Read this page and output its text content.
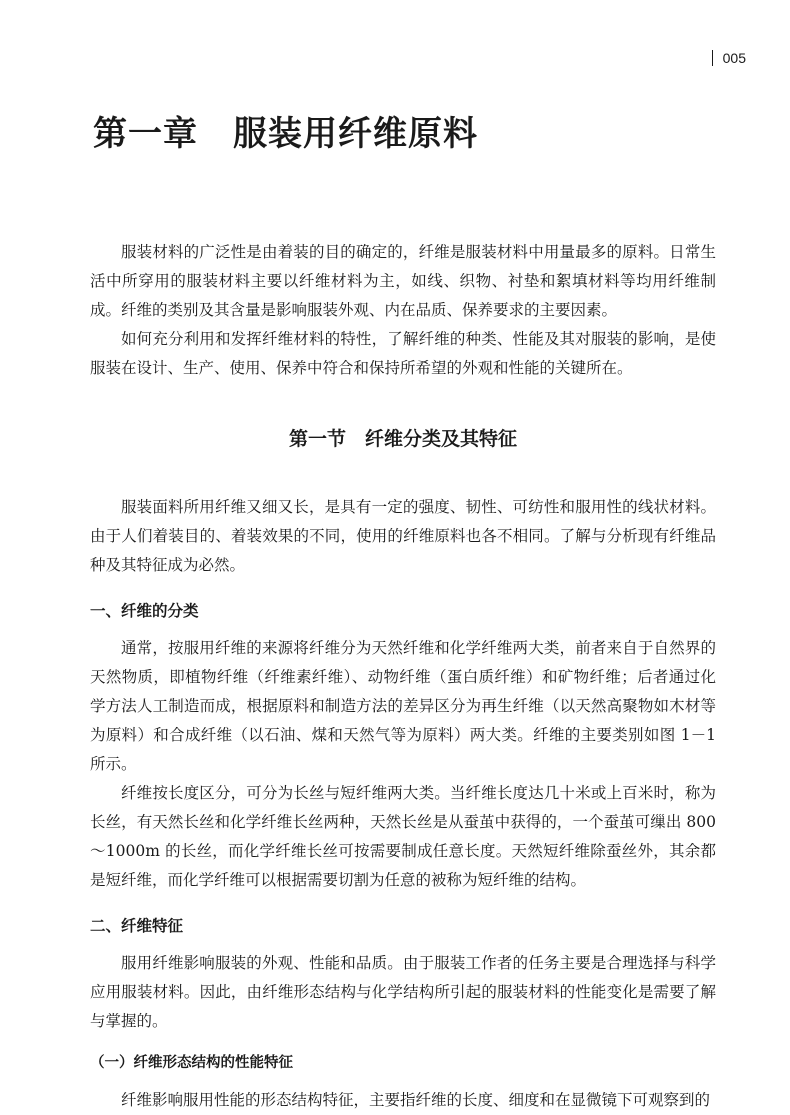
005
第一章　服装用纤维原料

服装材料的广泛性是由着装的目的确定的，纤维是服装材料中用量最多的原料。日常生活中所穿用的服装材料主要以纤维材料为主，如线、织物、衬垫和絮填材料等均用纤维制成。纤维的类别及其含量是影响服装外观、内在品质、保养要求的主要因素。

如何充分利用和发挥纤维材料的特性，了解纤维的种类、性能及其对服装的影响，是使服装在设计、生产、使用、保养中符合和保持所希望的外观和性能的关键所在。

第一节　纤维分类及其特征

服装面料所用纤维又细又长，是具有一定的强度、韧性、可纺性和服用性的线状材料。由于人们着装目的、着装效果的不同，使用的纤维原料也各不相同。了解与分析现有纤维品种及其特征成为必然。

一、纤维的分类

通常，按服用纤维的来源将纤维分为天然纤维和化学纤维两大类，前者来自于自然界的天然物质，即植物纤维（纤维素纤维）、动物纤维（蛋白质纤维）和矿物纤维；后者通过化学方法人工制造而成，根据原料和制造方法的差异区分为再生纤维（以天然高聚物如木材等为原料）和合成纤维（以石油、煤和天然气等为原料）两大类。纤维的主要类别如图 1－1 所示。

纤维按长度区分，可分为长丝与短纤维两大类。当纤维长度达几十米或上百米时，称为长丝，有天然长丝和化学纤维长丝两种，天然长丝是从蚕茧中获得的，一个蚕茧可缫出 800～1000m 的长丝，而化学纤维长丝可按需要制成任意长度。天然短纤维除蚕丝外，其余都是短纤维，而化学纤维可以根据需要切割为任意的被称为短纤维的结构。

二、纤维特征

服用纤维影响服装的外观、性能和品质。由于服装工作者的任务主要是合理选择与科学应用服装材料。因此，由纤维形态结构与化学结构所引起的服装材料的性能变化是需要了解与掌握的。

（一）纤维形态结构的性能特征

纤维影响服用性能的形态结构特征，主要指纤维的长度、细度和在显微镜下可观察到的
